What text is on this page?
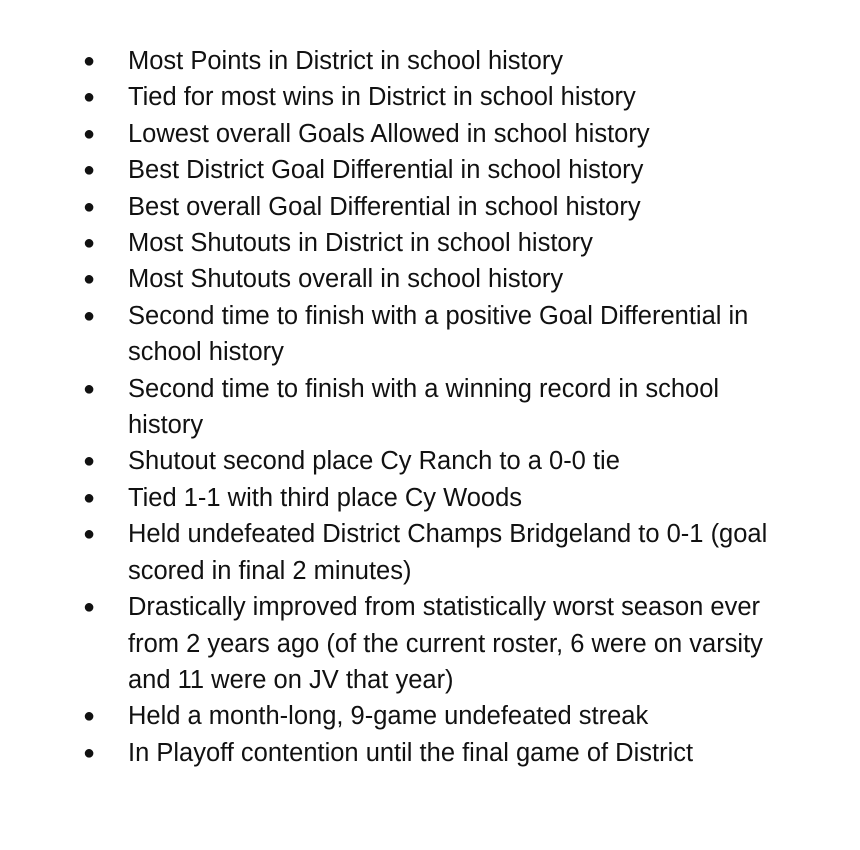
● Most Points in District in school history
● Tied for most wins in District in school history
● Lowest overall Goals Allowed in school history
● Best District Goal Differential in school history
● Best overall Goal Differential in school history
● Most Shutouts in District in school history
● Most Shutouts overall in school history
● Second time to finish with a positive Goal Differential in school history
● Second time to finish with a winning record in school history
● Shutout second place Cy Ranch to a 0-0 tie
● Tied 1-1 with third place Cy Woods
● Held undefeated District Champs Bridgeland to 0-1 (goal scored in final 2 minutes)
● Drastically improved from statistically worst season ever from 2 years ago (of the current roster, 6 were on varsity and 11 were on JV that year)
● Held a month-long, 9-game undefeated streak
● In Playoff contention until the final game of District
